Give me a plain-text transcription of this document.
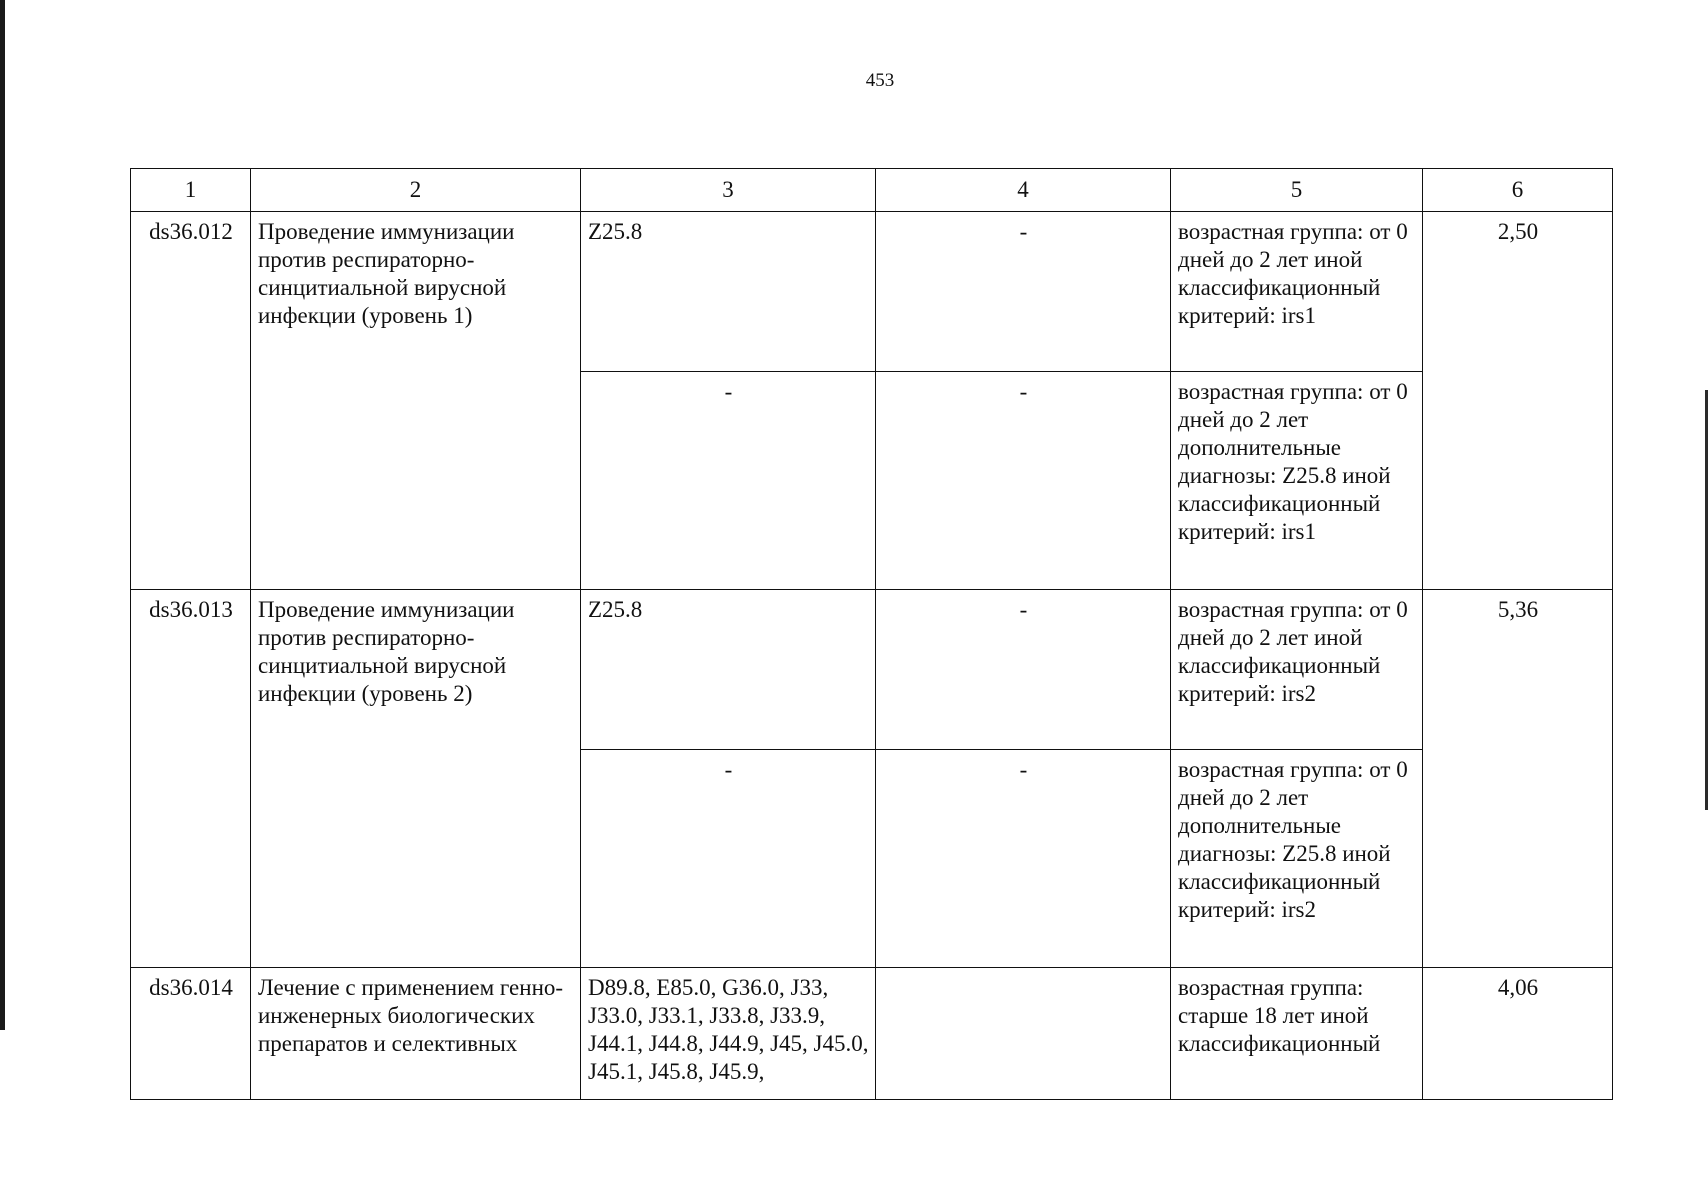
453
1	2	3	4	5	6
ds36.012	Проведение иммунизации против респираторно-синцитиальной вирусной инфекции (уровень 1)	Z25.8	-	возрастная группа: от 0 дней до 2 лет иной классификационный критерий: irs1	2,50
		-	-	возрастная группа: от 0 дней до 2 лет дополнительные диагнозы: Z25.8 иной классификационный критерий: irs1	
ds36.013	Проведение иммунизации против респираторно-синцитиальной вирусной инфекции (уровень 2)	Z25.8	-	возрастная группа: от 0 дней до 2 лет иной классификационный критерий: irs2	5,36
		-	-	возрастная группа: от 0 дней до 2 лет дополнительные диагнозы: Z25.8 иной классификационный критерий: irs2	
ds36.014	Лечение с применением генно-инженерных биологических препаратов и селективных	D89.8, E85.0, G36.0, J33, J33.0, J33.1, J33.8, J33.9, J44.1, J44.8, J44.9, J45, J45.0, J45.1, J45.8, J45.9,		возрастная группа: старше 18 лет иной классификационный	4,06
